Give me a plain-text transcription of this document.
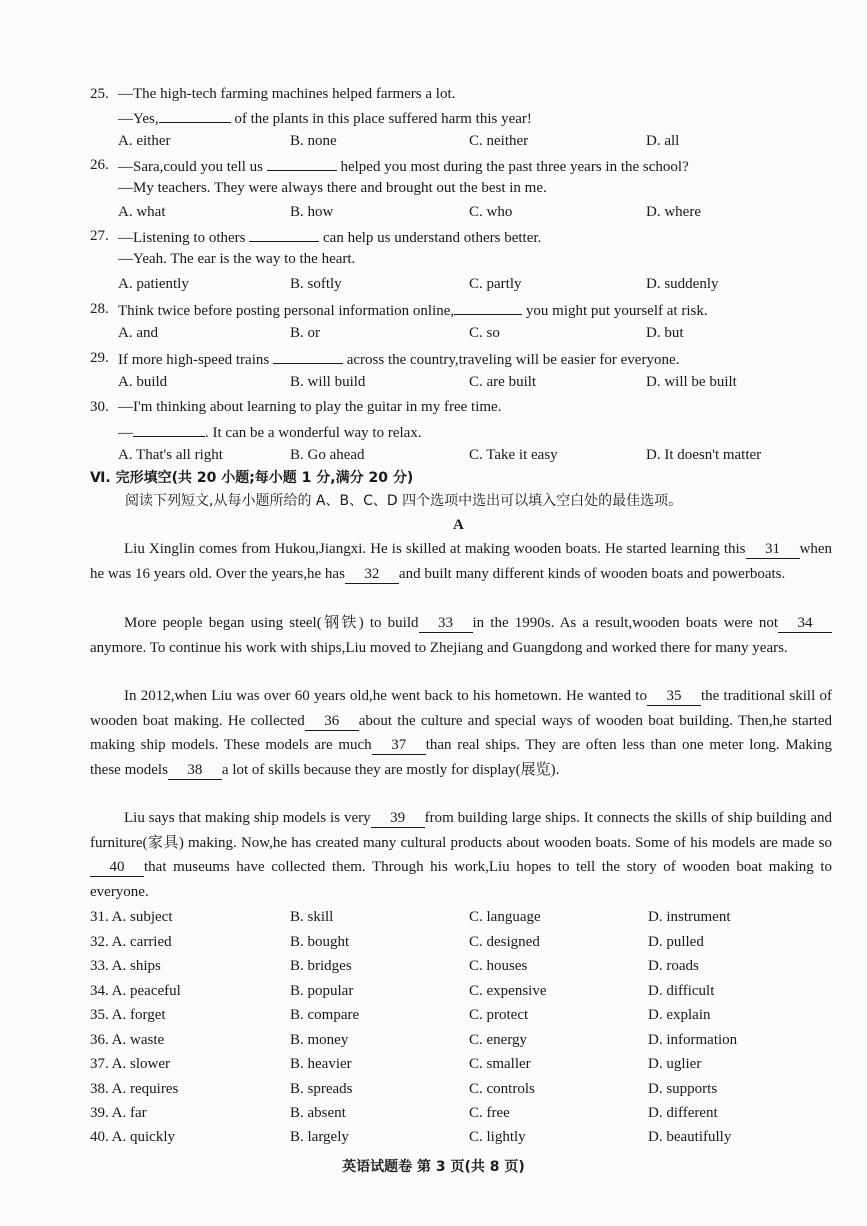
25. —The high-tech farming machines helped farmers a lot.
—Yes,	of the plants in this place suffered harm this year!
A. either	B. none	C. neither	D. all
26. —Sara,could you tell us	helped you most during the past three years in the school?
—My teachers. They were always there and brought out the best in me.
A. what	B. how	C. who	D. where
27. —Listening to others	can help us understand others better.
—Yeah. The ear is the way to the heart.
A. patiently	B. softly	C. partly	D. suddenly
28. Think twice before posting personal information online,	you might put yourself at risk.
A. and	B. or	C. so	D. but
29. If more high-speed trains	across the country,traveling will be easier for everyone.
A. build	B. will build	C. are built	D. will be built
30. —I'm thinking about learning to play the guitar in my free time.
—	. It can be a wonderful way to relax.
A. That's all right	B. Go ahead	C. Take it easy	D. It doesn't matter
Ⅵ. 完形填空(共 20 小题;每小题 1 分,满分 20 分)
阅读下列短文,从每小题所给的 A、B、C、D 四个选项中选出可以填入空白处的最佳选项。
A
Liu Xinglin comes from Hukou,Jiangxi. He is skilled at making wooden boats. He started learning this 31 when he was 16 years old. Over the years,he has 32 and built many different kinds of wooden boats and powerboats.
More people began using steel(钢铁) to build 33 in the 1990s. As a result,wooden boats were not 34anymore. To continue his work with ships,Liu moved to Zhejiang and Guangdong and worked there for many years.
In 2012,when Liu was over 60 years old,he went back to his hometown. He wanted to 35 the traditional skill of wooden boat making. He collected 36 about the culture and special ways of wooden boat building. Then,he started making ship models. These models are much 37 than real ships. They are often less than one meter long. Making these models 38 a lot of skills because they are mostly for display(展览).
Liu says that making ship models is very 39 from building large ships. It connects the skills of ship building and furniture(家具) making. Now,he has created many cultural products about wooden boats. Some of his models are made so40 that museums have collected them. Through his work,Liu hopes to tell the story of wooden boat making to everyone.
31. A. subject	B. skill	C. language	D. instrument
32. A. carried	B. bought	C. designed	D. pulled
33. A. ships	B. bridges	C. houses	D. roads
34. A. peaceful	B. popular	C. expensive	D. difficult
35. A. forget	B. compare	C. protect	D. explain
36. A. waste	B. money	C. energy	D. information
37. A. slower	B. heavier	C. smaller	D. uglier
38. A. requires	B. spreads	C. controls	D. supports
39. A. far	B. absent	C. free	D. different
40. A. quickly	B. largely	C. lightly	D. beautifully
英语试题卷 第 3 页(共 8 页)
